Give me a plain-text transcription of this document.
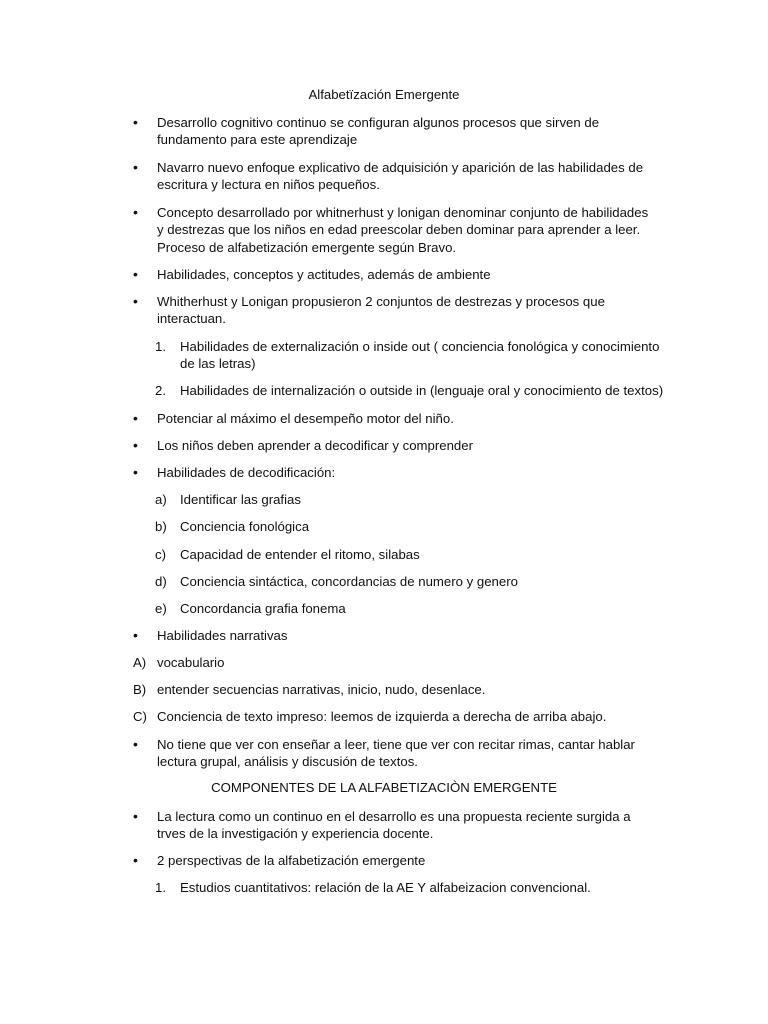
Alfabetïzación Emergente
• Desarrollo cognitivo continuo se configuran algunos procesos que sirven de fundamento para este aprendizaje
• Navarro nuevo enfoque explicativo de adquisición y aparición de las habilidades de escritura y lectura en niños pequeños.
• Concepto desarrollado por whitnerhust y lonigan denominar conjunto de habilidades y destrezas que los niños en edad preescolar deben dominar para aprender a leer. Proceso de alfabetización emergente según Bravo.
• Habilidades, conceptos y actitudes, además de ambiente
• Whitherhust y Lonigan propusieron 2 conjuntos de destrezas y procesos que interactuan.
1. Habilidades de externalización o inside out ( conciencia fonológica y conocimiento de las letras)
2. Habilidades de internalización o outside in (lenguaje oral y conocimiento de textos)
• Potenciar al máximo el desempeño motor del niño.
• Los niños deben aprender a decodificar y comprender
• Habilidades de decodificación:
a) Identificar las grafias
b) Conciencia fonológica
c) Capacidad de entender el ritomo, silabas
d) Conciencia sintáctica, concordancias de numero y genero
e) Concordancia grafia fonema
• Habilidades narrativas
A) vocabulario
B) entender secuencias narrativas, inicio, nudo, desenlace.
C) Conciencia de texto impreso: leemos de izquierda a derecha de arriba abajo.
• No tiene que ver con enseñar a leer, tiene que ver con recitar rimas, cantar hablar lectura grupal, análisis y discusión de textos.
COMPONENTES DE LA ALFABETIZACIÒN EMERGENTE
• La lectura como un continuo en el desarrollo es una propuesta reciente surgida a trves de la investigación y experiencia docente.
• 2 perspectivas de la alfabetización emergente
1. Estudios cuantitativos: relación de la AE Y alfabeizacion convencional.
